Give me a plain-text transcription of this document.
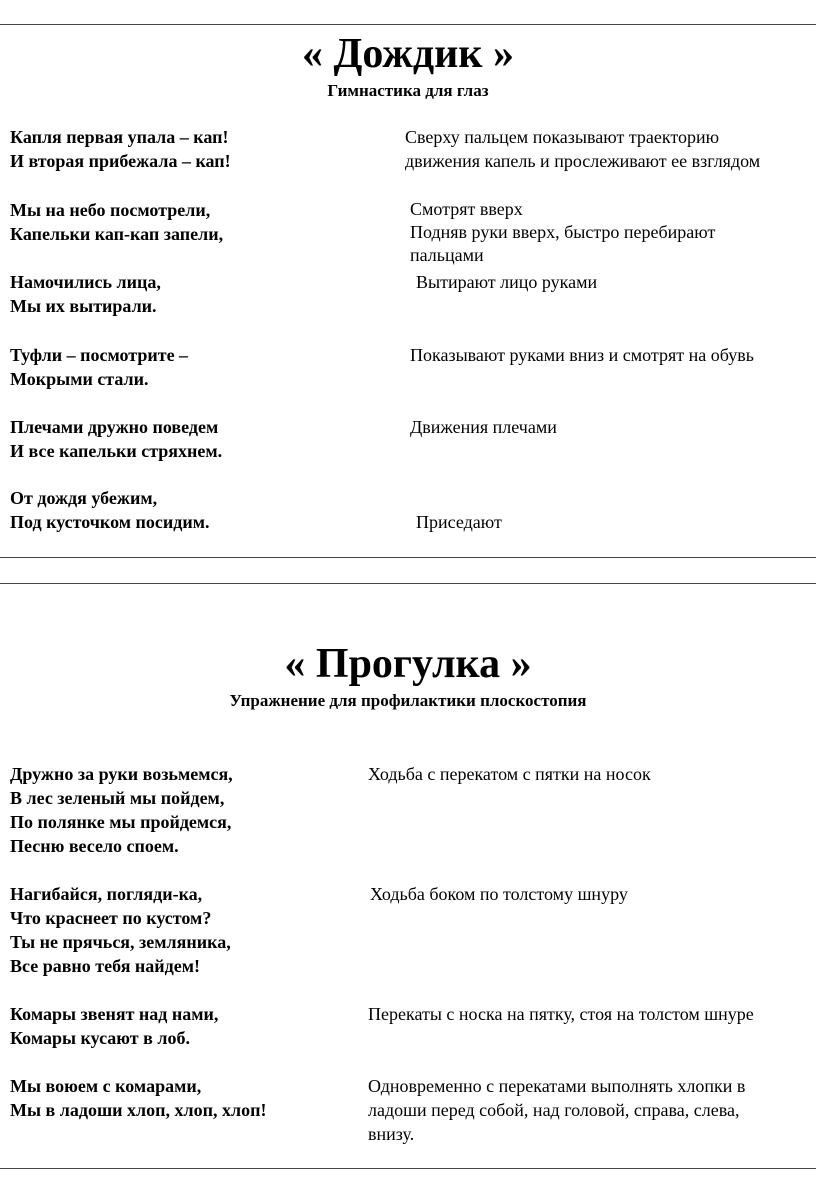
« Дождик »
Гимнастика для глаз
Капля первая упала – кап!
И вторая прибежала – кап!
Сверху пальцем показывают траекторию
движения капель и прослеживают ее взглядом
Мы на небо посмотрели,
Капельки кап-кап запели,
Смотрят вверх
Подняв руки вверх, быстро перебирают
пальцами
Намочились лица,
Мы их вытирали.
Вытирают лицо руками
Туфли – посмотрите –
Мокрыми стали.
Показывают руками вниз и смотрят на обувь
Плечами дружно поведем
И все капельки стряхнем.
Движения плечами
От дождя убежим,
Под кусточком посидим.	Приседают
« Прогулка »
Упражнение для профилактики плоскостопия
Дружно за руки возьмемся,
В лес зеленый мы пойдем,
По полянке мы пройдемся,
Песню весело споем.
Ходьба с перекатом с пятки на носок
Нагибайся, погляди-ка,
Что краснеет по кустом?
Ты не прячься, земляника,
Все равно тебя найдем!
Ходьба боком по толстому шнуру
Комары звенят над нами,
Комары кусают в лоб.
Перекаты с носка на пятку, стоя на толстом шнуре
Мы воюем с комарами,
Мы в ладоши хлоп, хлоп, хлоп!
Одновременно с перекатами выполнять хлопки в
ладоши перед собой, над головой, справа, слева,
внизу.
